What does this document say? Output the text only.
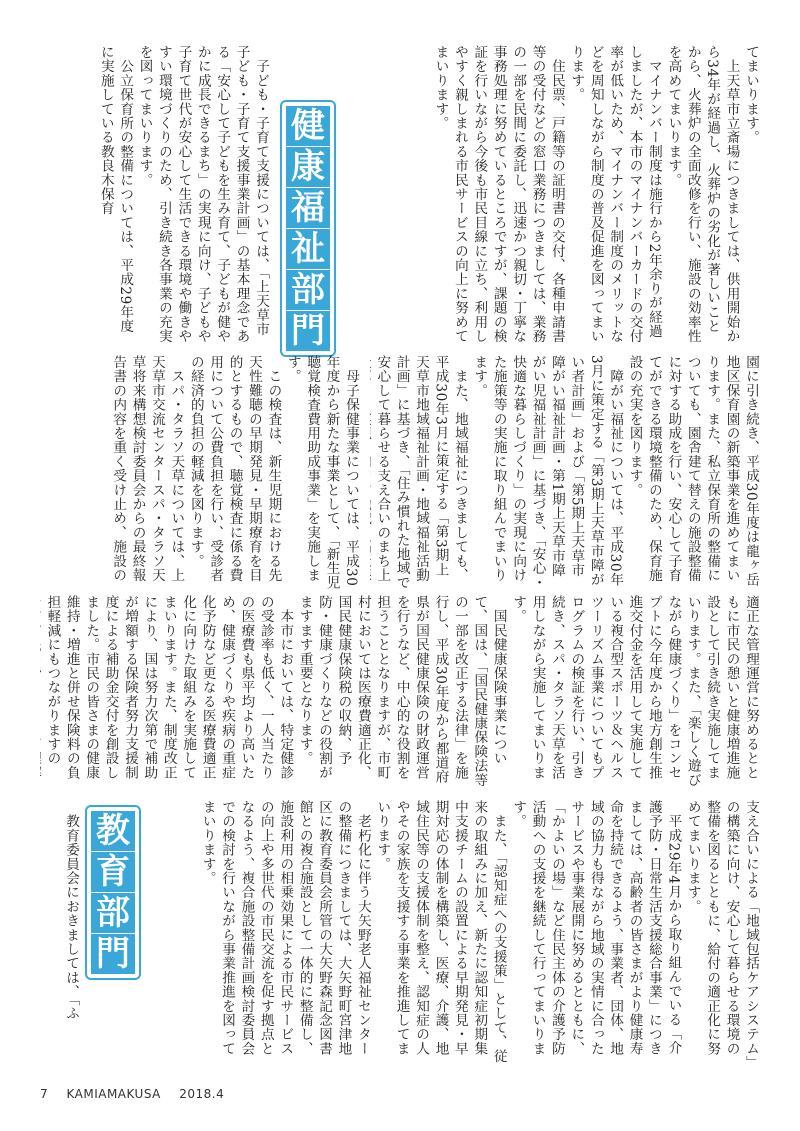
てまいります。
　上天草市立斎場につきましては、供用開始から34年が経過し、火葬炉の劣化が著しいことから、火葬炉の全面改修を行い、施設の効率性を高めてまいります。
　マイナンバー制度は施行から2年余りが経過しましたが、本市のマイナンバーカードの交付率が低いため、マイナンバー制度のメリットなどを周知しながら制度の普及促進を図ってまいります。
　住民票、戸籍等の証明書の交付、各種申請書等の受付などの窓口業務につきましては、業務の一部を民間に委託し、迅速かつ親切・丁寧な事務処理に努めているところですが、課題の検証を行いながら今後も市民目線に立ち、利用しやすく親しまれる市民サービスの向上に努めてまいります。
健
康
福
祉
部
門
　子ども・子育て支援については、「上天草市子ども・子育て支援事業計画」の基本理念である「安心して子どもを生み育て、子どもが健やかに成長できるまち」の実現に向け、子どもや子育て世代が安心して生活できる環境や働きやすい環境づくりのため、引き続き各事業の充実を図ってまいります。
　公立保育所の整備については、平成29年度に実施している教良木保育
園に引き続き、平成30年度は龍ヶ岳地区保育園の新築事業を進めてまいります。また、私立保育所の整備についても、園舎建て替えの施設整備に対する助成を行い、安心して子育てができる環境整備のため、保育施設の充実を図ります。
　障がい福祉については、平成30年3月に策定する「第3期上天草市障がい者計画」および「第5期上天草市障がい福祉計画・第1期上天草市障がい児福祉計画」に基づき、「安心・快適な暮らしづくり」の実現に向けた施策等の実施に取り組んでまいります。
　また、地域福祉につきましても、平成30年3月に策定する「第3期上天草市地域福祉計画・地域福祉活動計画」に基づき、「住み慣れた地域で安心して暮らせる支え合いのまち上
　母子保健事業については、平成30年度から新たな事業として、「新生児聴覚検査費用助成事業」を実施します。
　この検査は、新生児期における先天性難聴の早期発見・早期療育を目的とするもので、聴覚検査に係る費用について公費負担を行い、受診者の経済的負担の軽減を図ります。
　スパ・タラソ天草については、上天草市交流センタースパ・タラソ天草将来構想検討委員会からの最終報告書の内容を重く受け止め、施設の
適正な管理運営に努めるとともに市民の憩いと健康増進施設として引き続き実施してまいります。また、「楽しく遊びながら健康づくり」をコンセプトに今年度から地方創生推進交付金を活用して実施している複合型スポーツ＆ヘルスツーリズム事業についてもプログラムの検証を行い、引き続き、スパ・タラソ天草を活用しながら実施してまいります。
　国民健康保険事業について、国は、「国民健康保険法等の一部を改正する法律」を施行し、平成30年度から都道府県が国民健康保険の財政運営を行うなど、中心的な役割を担うこととなりますが、市町村においては医療費適正化、国民健康保険税の収納、予防・健康づくりなどの役割がますます重要となります。
　本市においては、特定健診の受診率も低く、一人当たりの医療費も県平均より高いため、健康づくりや疾病の重症化予防など更なる医療費適正化に向けた取組みを実施してまいります。また、制度改正により、国は努力次第で補助が増額する保険者努力支援制度による補助金交付を創設しました。市民の皆さまの健康維持・増進と併せ保険料の負担軽減にもつながりますの

支え合いによる「地域包括ケアシステム」の構築に向け、安心して暮らせる環境の整備を図るとともに、給付の適正化に努めてまいります。
　平成29年4月から取り組んでいる「介護予防・日常生活支援総合事業」につきましては、高齢者の皆さまがより健康寿命を持続できるよう、事業者、団体、地域の協力も得ながら地域の実情に合ったサービスや事業展開に努めるとともに、「かよいの場」など住民主体の介護予防活動への支援を継続して行ってまいります。
　また、「認知症への支援策」として、従来の取組みに加え、新たに認知症初期集中支援チームの設置による早期発見・早期対応の体制を構築し、医療、介護、地域住民等の支援体制を整え、認知症の人やその家族を支援する事業を推進してまいります。
　老朽化に伴う大矢野老人福祉センターの整備につきましては、大矢野町宮津地区に教育委員会所管の大矢野森記念図書館との複合施設として一体的に整備し、施設利用の相乗効果による市民サービスの向上や多世代の市民交流を促す拠点となるよう、複合施設整備計画検討委員会での検討を行いながら事業推進を図ってまいります。
教
育
部
門
　教育委員会におきましては、「ふ
7 KAMIAMAKUSA 2018.4
